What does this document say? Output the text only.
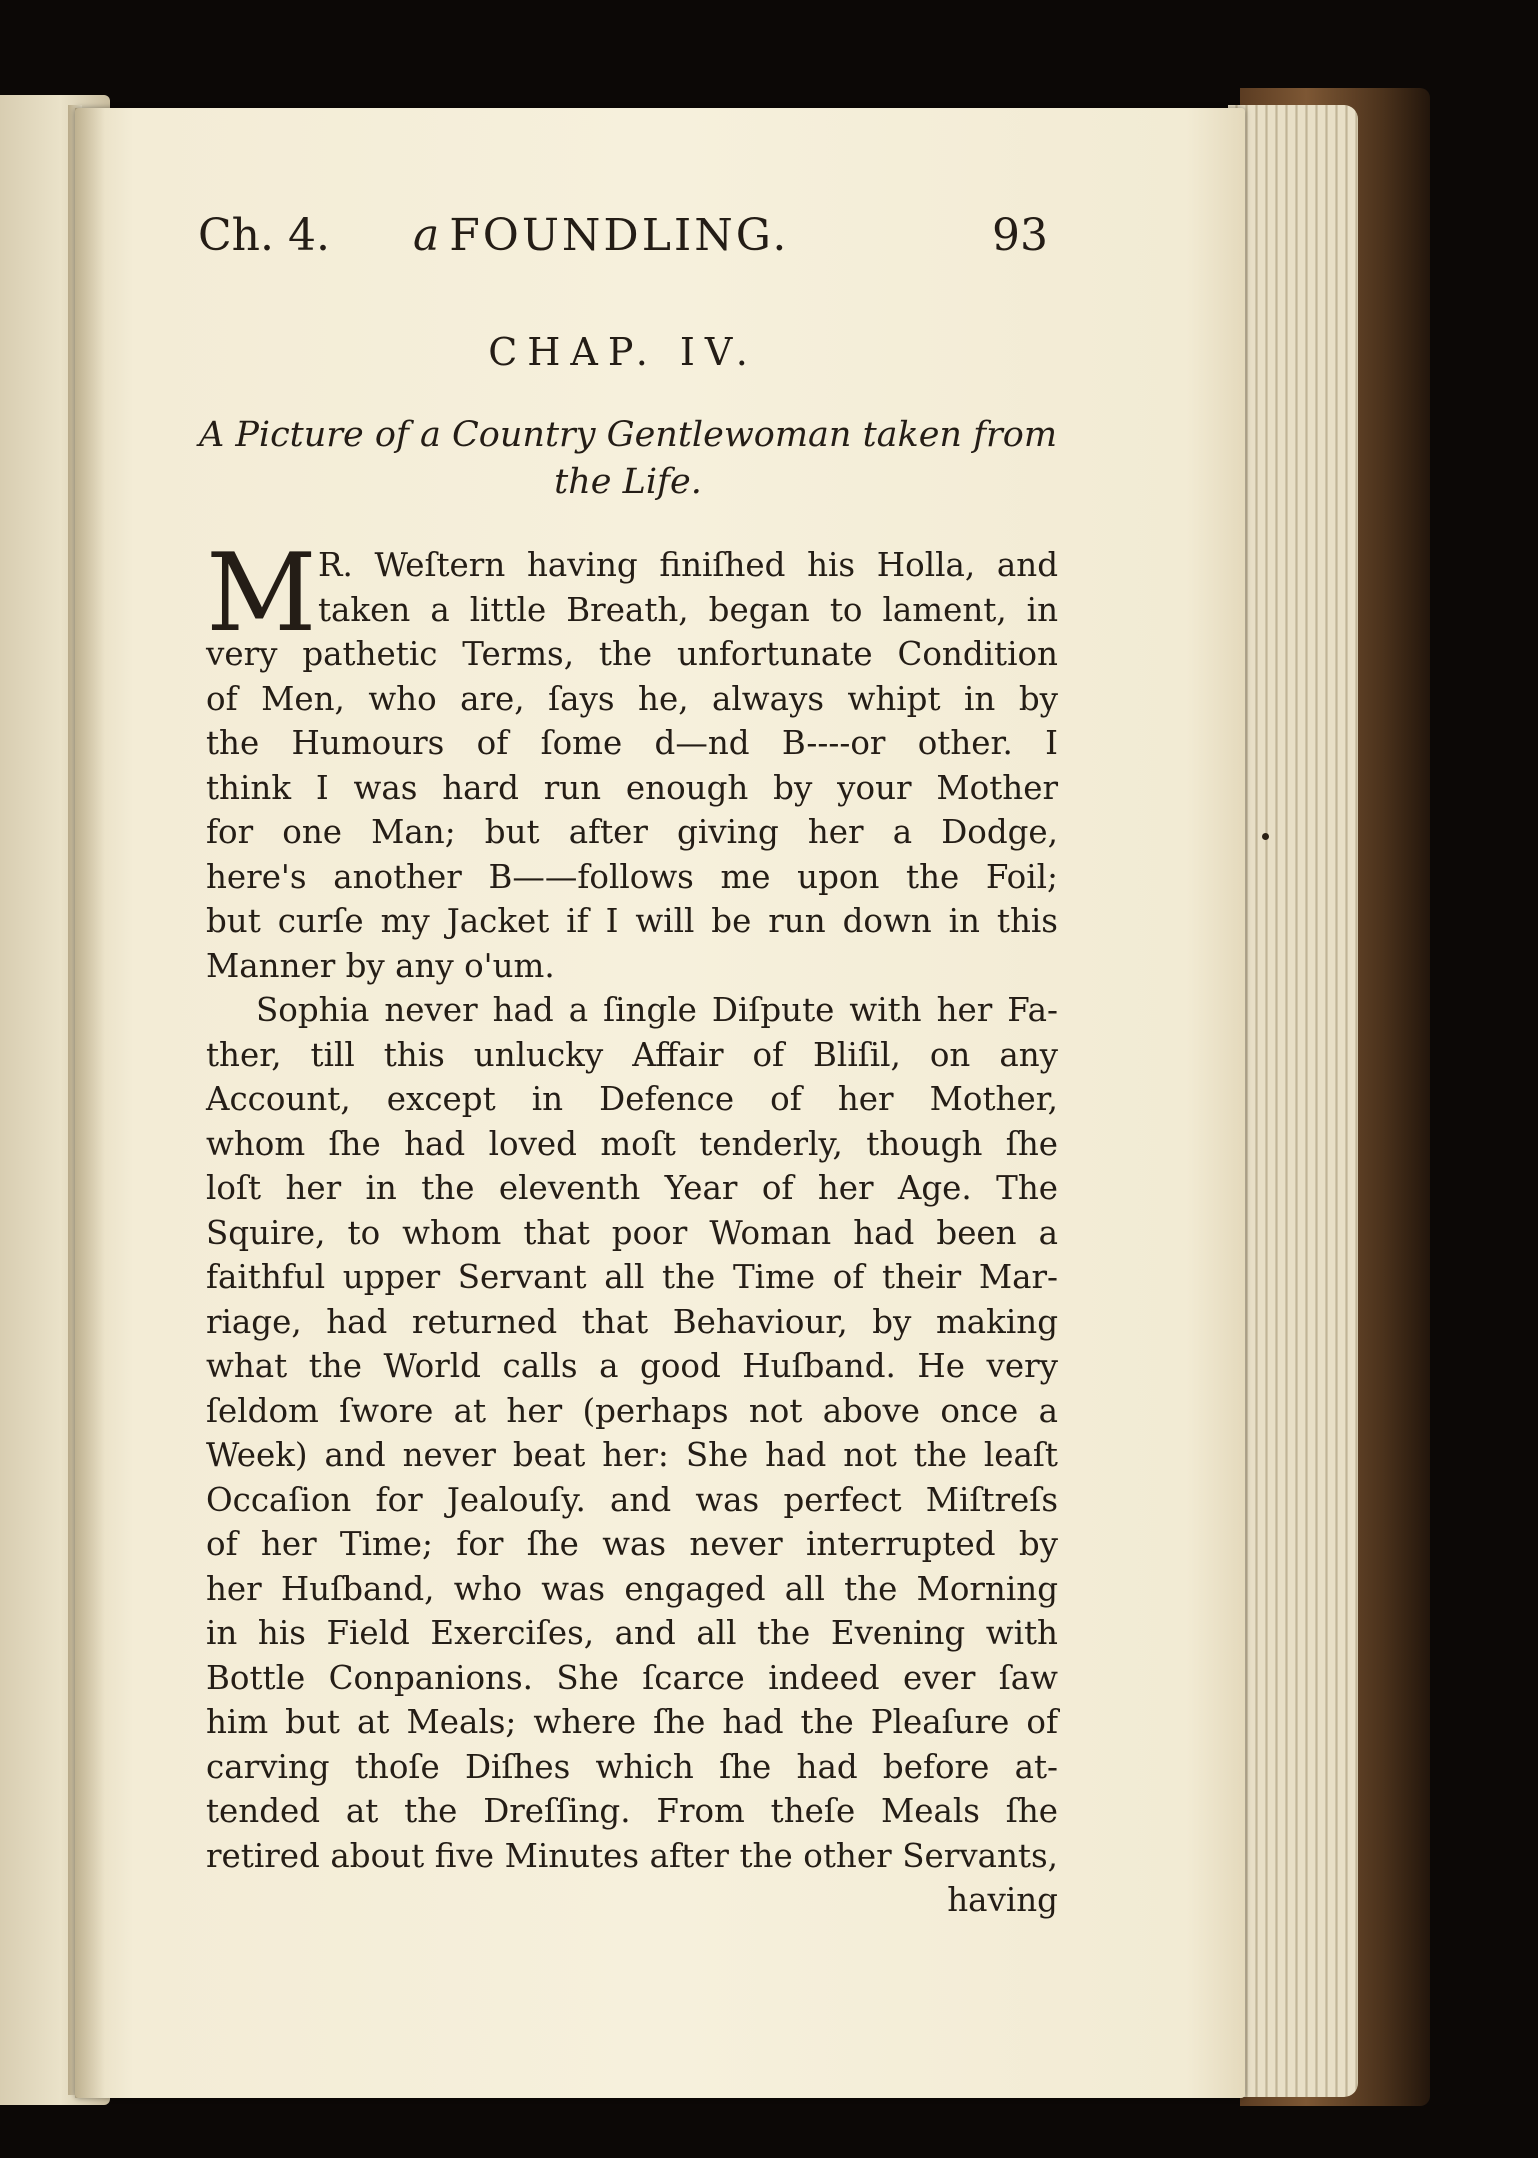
Ch. 4. a FOUNDLING.	93
CHAP. IV.
A Picture of a Country Gentlewoman taken from
the Life.
M R. Weſtern having finiſhed his Holla, and
taken a little Breath, began to lament, in
very pathetic Terms, the unfortunate Condition
of Men, who are, ſays he, always whipt in by
the Humours of ſome d—nd B----or other. I
think I was hard run enough by your Mother
for one Man; but after giving her a Dodge,
here's another B——follows me upon the Foil;
but curſe my Jacket if I will be run down in this
Manner by any o'um.
Sophia never had a ſingle Diſpute with her Fa-
ther, till this unlucky Affair of Bliſil, on any
Account, except in Defence of her Mother,
whom ſhe had loved moſt tenderly, though ſhe
loſt her in the eleventh Year of her Age. The
Squire, to whom that poor Woman had been a
faithful upper Servant all the Time of their Mar-
riage, had returned that Behaviour, by making
what the World calls a good Huſband. He very
ſeldom ſwore at her (perhaps not above once a
Week) and never beat her: She had not the leaſt
Occaſion for Jealouſy. and was perfect Miſtreſs
of her Time; for ſhe was never interrupted by
her Huſband, who was engaged all the Morning
in his Field Exerciſes, and all the Evening with
Bottle Conpanions. She ſcarce indeed ever ſaw
him but at Meals; where ſhe had the Pleaſure of
carving thoſe Diſhes which ſhe had before at-
tended at the Dreſſing. From theſe Meals ſhe
retired about five Minutes after the other Servants,
having
